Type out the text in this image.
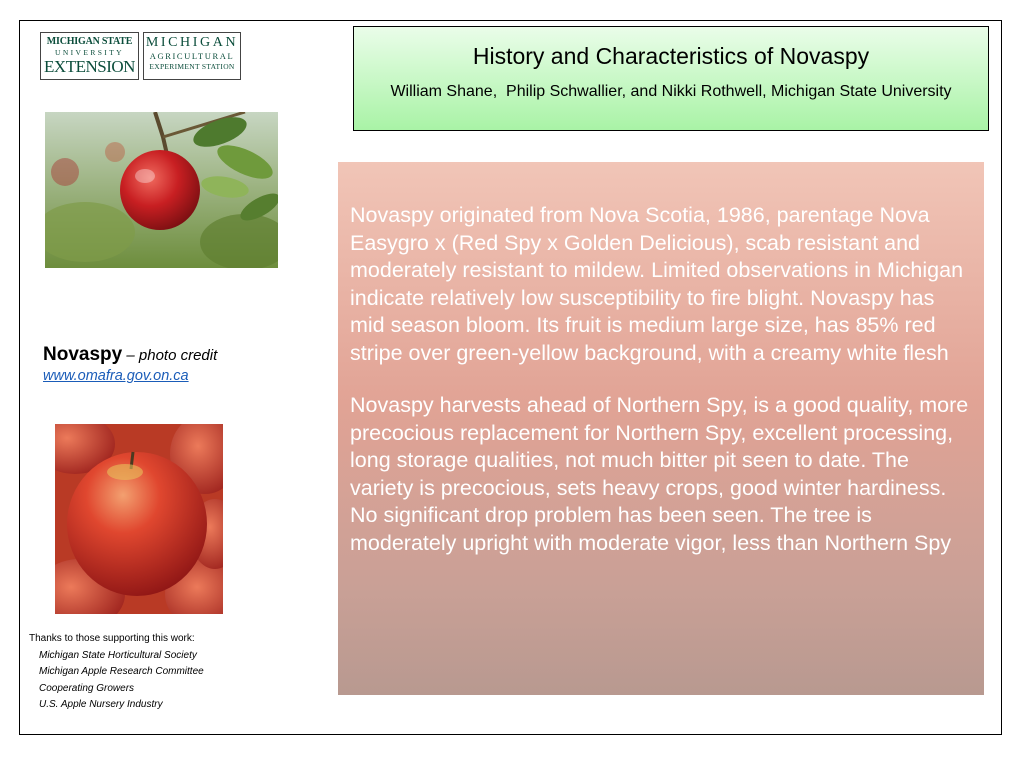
MICHIGAN STATE
UNIVERSITY
EXTENSION
MICHIGAN
AGRICULTURAL
EXPERIMENT STATION	History and Characteristics of Novaspy
William Shane,  Philip Schwallier, and Nikki Rothwell, Michigan State University
Novaspy – photo credit
www.omafra.gov.on.ca
Thanks to those supporting this work:
Michigan State Horticultural Society
Michigan Apple Research Committee
Cooperating Growers
U.S. Apple Nursery Industry

Novaspy originated from Nova Scotia, 1986, parentage Nova Easygro x (Red Spy x Golden Delicious), scab resistant and moderately resistant to mildew. Limited observations in Michigan indicate relatively low susceptibility to fire blight. Novaspy has mid season bloom. Its fruit is medium large size, has 85% red stripe over green-yellow background, with a creamy white flesh

Novaspy harvests ahead of Northern Spy, is a good quality, more precocious replacement for Northern Spy, excellent processing, long storage qualities, not much bitter pit seen to date. The variety is precocious, sets heavy crops, good winter hardiness. No significant drop problem has been seen. The tree is moderately upright with moderate vigor, less than Northern Spy
